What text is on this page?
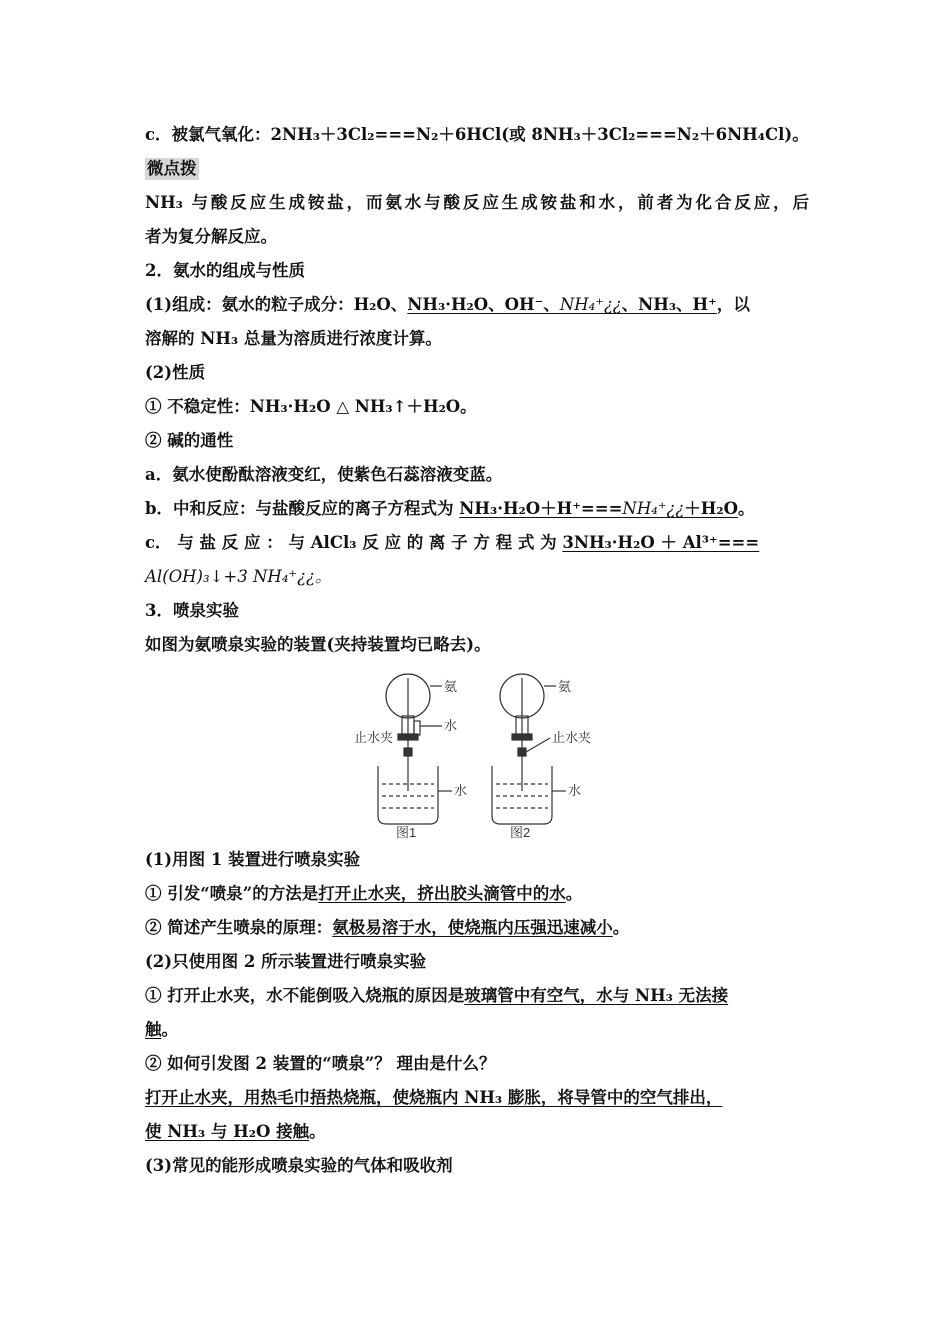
c．被氯气氧化：2NH₃＋3Cl₂===N₂＋6HCl(或 8NH₃＋3Cl₂===N₂＋6NH₄Cl)。
微点拨
NH₃ 与酸反应生成铵盐，而氨水与酸反应生成铵盐和水，前者为化合反应，后
者为复分解反应。
2．氨水的组成与性质
(1)组成：氨水的粒子成分：H₂O、NH₃·H₂O、OH⁻、NH₄⁺¿¿、NH₃、H⁺，以
溶解的 NH₃ 总量为溶质进行浓度计算。
(2)性质
① 不稳定性：NH₃·H₂O △ NH₃↑＋H₂O。
② 碱的通性
a．氨水使酚酞溶液变红，使紫色石蕊溶液变蓝。
b．中和反应：与盐酸反应的离子方程式为 NH₃·H₂O＋H⁺===NH₄⁺¿¿＋H₂O。
c． 与 盐 反 应 ： 与 AlCl₃ 反 应 的 离 子 方 程 式 为 3NH₃·H₂O ＋ Al³⁺===
Al(OH)₃↓+3 NH₄⁺¿¿。
3．喷泉实验
如图为氨喷泉实验的装置(夹持装置均已略去)。
氨
水
止水夹
水
图1
氨
止水夹
水
图2
(1)用图 1 装置进行喷泉实验
① 引发“喷泉”的方法是打开止水夹，挤出胶头滴管中的水。
② 简述产生喷泉的原理：氨极易溶于水，使烧瓶内压强迅速减小。
(2)只使用图 2 所示装置进行喷泉实验
① 打开止水夹，水不能倒吸入烧瓶的原因是玻璃管中有空气，水与 NH₃ 无法接
触。
② 如何引发图 2 装置的“喷泉”？ 理由是什么？
打开止水夹，用热毛巾捂热烧瓶，使烧瓶内 NH₃ 膨胀，将导管中的空气排出，
使 NH₃ 与 H₂O 接触。
(3)常见的能形成喷泉实验的气体和吸收剂
